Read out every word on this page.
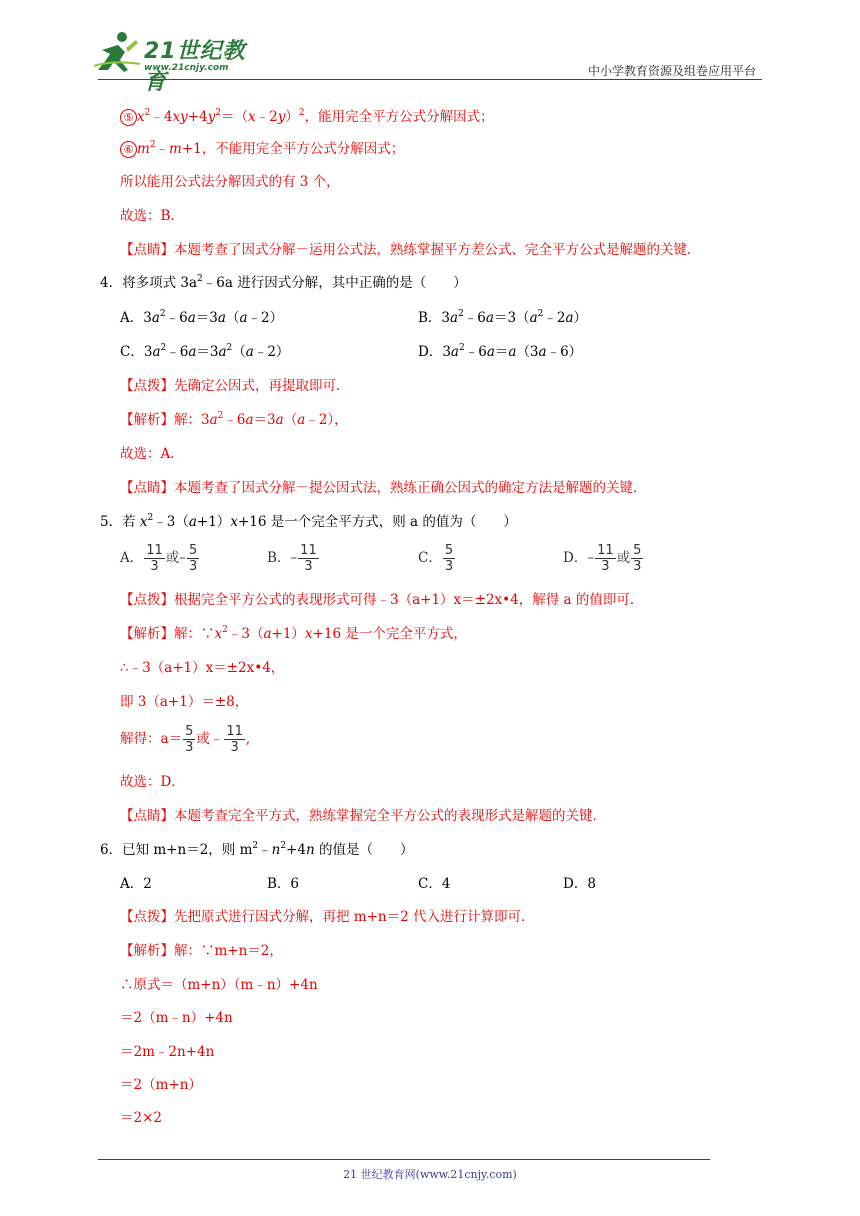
21世纪教育
www.21cnjy.com	中小学教育资源及组卷应用平台
⑤ $x^2﹣4xy+4y^2=(x﹣2y)^2$，能用完全平方公式分解因式；
⑥ $m^2﹣m+1$，不能用完全平方公式分解因式；
所以能用公式法分解因式的有 3 个，
故选：B．
【点睛】本题考查了因式分解－运用公式法，熟练掌握平方差公式、完全平方公式是解题的关键．
4．将多项式 $3a^2﹣6a$ 进行因式分解，其中正确的是（　　）
A．$3a^2﹣6a=3a(a﹣2)$	B．$3a^2﹣6a=3(a^2﹣2a)$
C．$3a^2﹣6a=3a^2(a﹣2)$	D．$3a^2﹣6a=a(3a﹣6)$
【点拨】先确定公因式，再提取即可．
【解析】解：$3a^2﹣6a=3a(a﹣2)$，
故选：A．
【点睛】本题考查了因式分解－提公因式法，熟练正确公因式的确定方法是解题的关键．
5．若 $x^2﹣3(a+1)x+16$ 是一个完全平方式，则 a 的值为（　　）
A． $\frac{11}{3}$ 或– $\frac{5}{3}$	B．– $\frac{11}{3}$	C． $\frac{5}{3}$	D．– $\frac{11}{3}$ 或 $\frac{5}{3}$
【点拨】根据完全平方公式的表现形式可得﹣3（a+1）x＝±2x•4，解得 a 的值即可．
【解析】解：$\because x^2﹣3(a+1)x+16$ 是一个完全平方式，
∴﹣3（a+1）x＝±2x•4，
即 3（a+1）＝±8，
解得：$a= \frac{5}{3}$ 或﹣ $\frac{11}{3}$ ,
故选：D．
【点睛】本题考查完全平方式，熟练掌握完全平方公式的表现形式是解题的关键．
6．已知 m+n＝2，则 $m^2﹣n^2+4n$ 的值是（　　）
A．2	B．6	C．4	D．8
【点拨】先把原式进行因式分解，再把 m+n＝2 代入进行计算即可．
【解析】解：∵m+n＝2，
∴原式＝（m+n）（m﹣n）+4n
＝2（m﹣n）+4n
＝2m﹣2n+4n
＝2（m+n）
＝2×2
21 世纪教育网(www.21cnjy.com)
